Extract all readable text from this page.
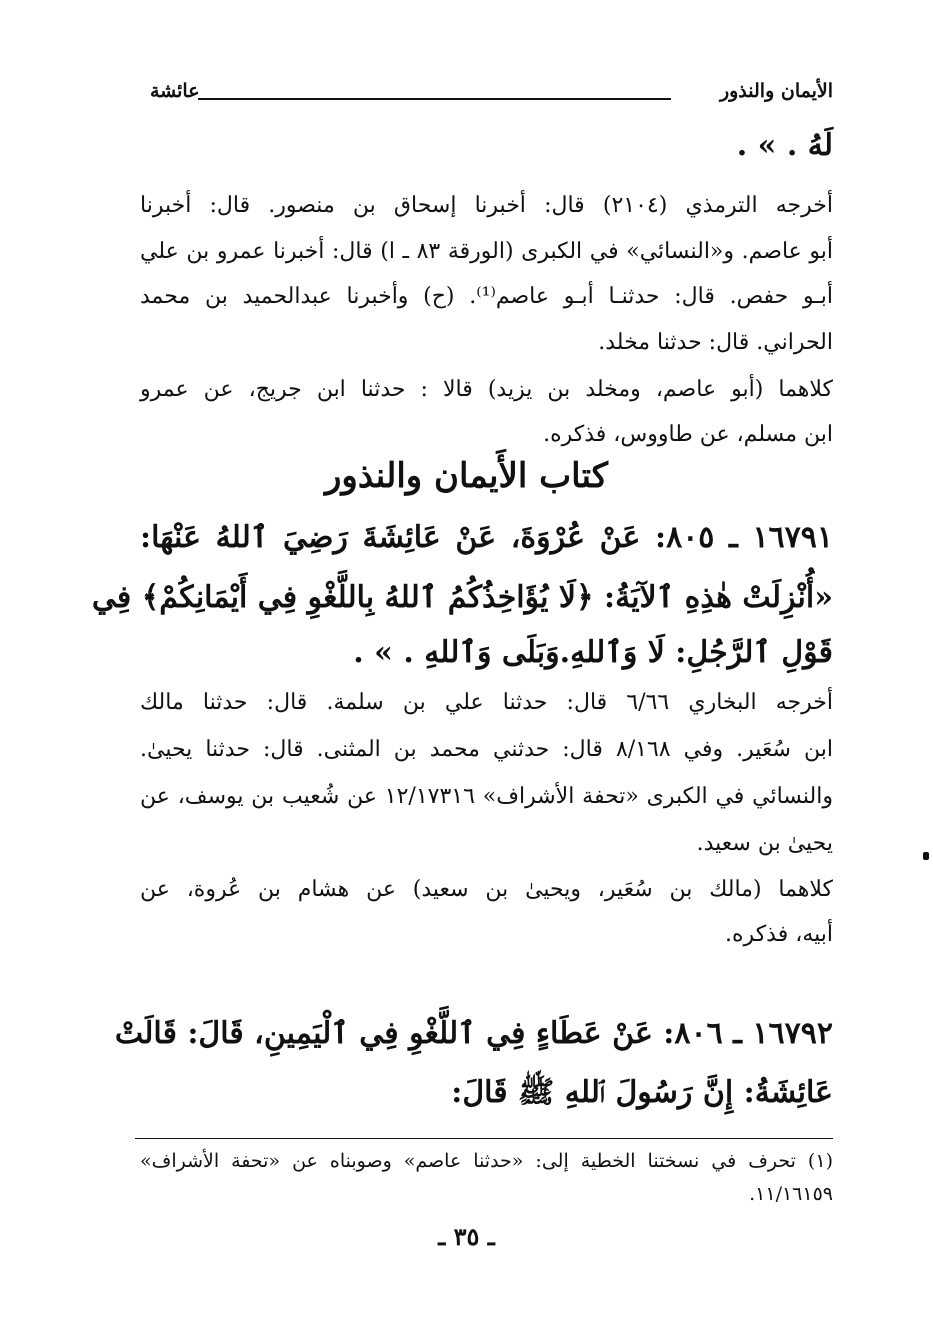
الأيمان والنذور
عائشة
لَهُ . » .
أخرجه الترمذي (٢١٠٤) قال: أخبرنا إسحاق بن منصور. قال: أخبرنا
أبو عاصم. و«النسائي» في الكبرى (الورقة ٨٣ ـ ا) قال: أخبرنا عمرو بن علي
أبـو حفص. قال: حدثنـا أبـو عاصم⁽¹⁾. (ح) وأخبرنا عبدالحميد بن محمد
الحراني. قال: حدثنا مخلد.
كلاهما (أبو عاصم، ومخلد بن يزيد) قالا : حدثنا ابن جريج، عن عمرو
ابن مسلم، عن طاووس، فذكره.
كتاب الأَيمان والنذور
١٦٧٩١ ـ ٨٠٥: عَنْ عُرْوَةَ، عَنْ عَائِشَةَ رَضِيَ ٱللهُ عَنْهَا:
«أُنْزِلَتْ هٰذِهِ ٱلآيَةُ: ﴿لَا يُؤَاخِذُكُمُ ٱللهُ بِاللَّغْوِ فِي أَيْمَانِكُمْ﴾ فِي
قَوْلِ ٱلرَّجُلِ: لَا وَٱللهِ.وَبَلَى وَٱللهِ . » .
أخرجه البخاري ٦/٦٦ قال: حدثنا علي بن سلمة. قال: حدثنا مالك
ابن سُعَير. وفي ٨/١٦٨ قال: حدثني محمد بن المثنى. قال: حدثنا يحيىٰ.
والنسائي في الكبرى «تحفة الأشراف» ١٢/١٧٣١٦ عن شُعيب بن يوسف، عن
يحيىٰ بن سعيد.
كلاهما (مالك بن سُعَير، ويحيىٰ بن سعيد) عن هشام بن عُروة، عن
أبيه، فذكره.
١٦٧٩٢ ـ ٨٠٦: عَنْ عَطَاءٍ فِي ٱللَّغْوِ فِي ٱلْيَمِينِ، قَالَ: قَالَتْ
عَائِشَةُ: إِنَّ رَسُولَ ٱللهِ ﷺ قَالَ:
(١) تحرف في نسختنا الخطية إلى: «حدثنا عاصم» وصوبناه عن «تحفة الأشراف»
١١/١٦١٥٩.
ـ ٣٥ ـ
